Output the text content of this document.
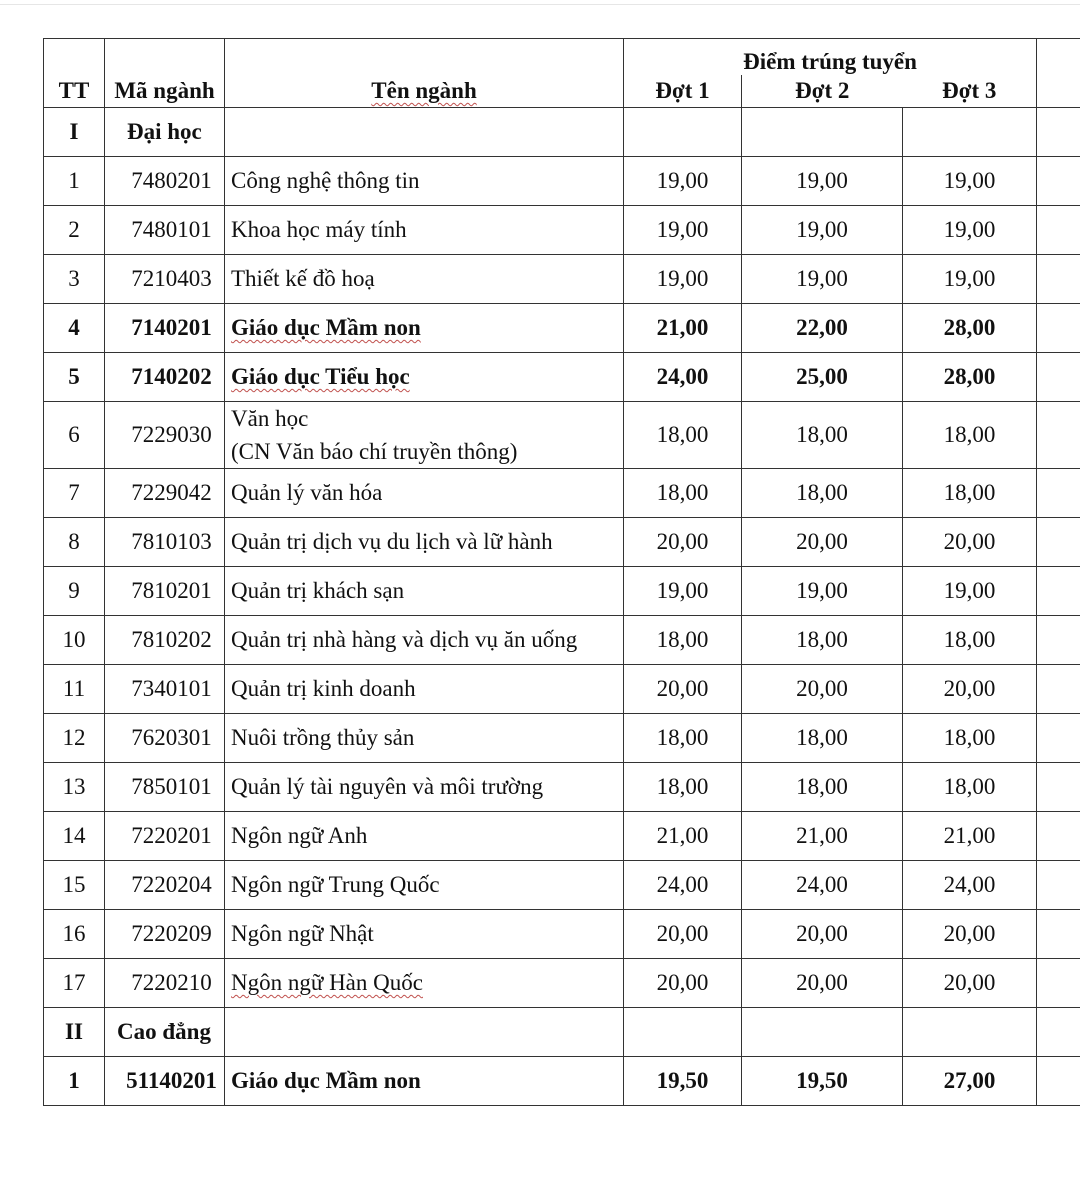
			Điểm trúng tuyển			
TT	Mã ngành	Tên ngành	Đợt 1	Đợt 2	Đợt 3	
I	Đại học					
1	7480201	Công nghệ thông tin	19,00	19,00	19,00	
2	7480101	Khoa học máy tính	19,00	19,00	19,00	
3	7210403	Thiết kế đồ hoạ	19,00	19,00	19,00	
4	7140201	Giáo dục Mầm non	21,00	22,00	28,00	
5	7140202	Giáo dục Tiểu học	24,00	25,00	28,00	
6	7229030	Văn học
(CN Văn báo chí truyền thông)	18,00	18,00	18,00	
7	7229042	Quản lý văn hóa	18,00	18,00	18,00	
8	7810103	Quản trị dịch vụ du lịch và lữ hành	20,00	20,00	20,00	
9	7810201	Quản trị khách sạn	19,00	19,00	19,00	
10	7810202	Quản trị nhà hàng và dịch vụ ăn uống	18,00	18,00	18,00	
11	7340101	Quản trị kinh doanh	20,00	20,00	20,00	
12	7620301	Nuôi trồng thủy sản	18,00	18,00	18,00	
13	7850101	Quản lý tài nguyên và môi trường	18,00	18,00	18,00	
14	7220201	Ngôn ngữ Anh	21,00	21,00	21,00	
15	7220204	Ngôn ngữ Trung Quốc	24,00	24,00	24,00	
16	7220209	Ngôn ngữ Nhật	20,00	20,00	20,00	
17	7220210	Ngôn ngữ Hàn Quốc	20,00	20,00	20,00	
II	Cao đẳng					
1	51140201	Giáo dục Mầm non	19,50	19,50	27,00	
